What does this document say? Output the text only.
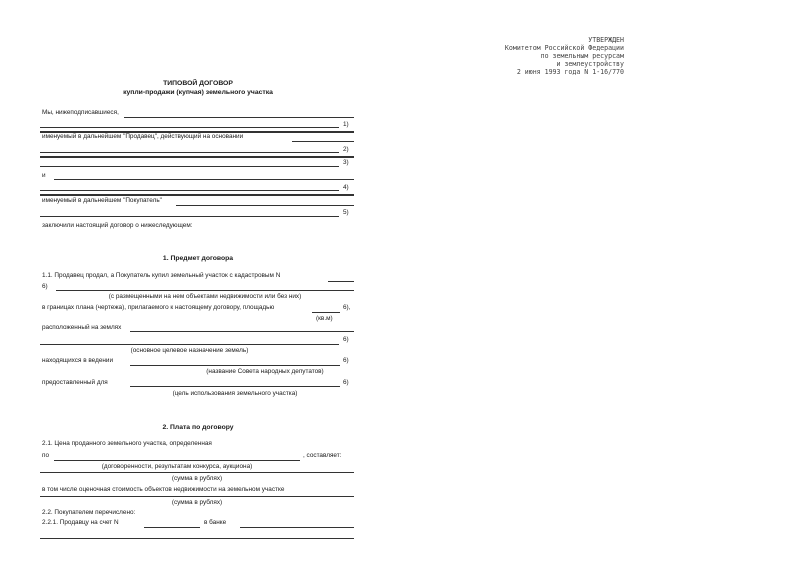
УТВЕРЖДЕН
Комитетом Российской Федерации
по земельным ресурсам
и землеустройству
2 июня 1993 года N 1-16/770
ТИПОВОЙ ДОГОВОР
купли-продажи (купчая) земельного участка
Мы, нижеподписавшиеся,
1)
именуемый в дальнейшем "Продавец", действующий на основании
2)
3)
и
4)
именуемый в дальнейшем "Покупатель"
5)
заключили настоящий договор о нижеследующем:
1. Предмет договора
1.1. Продавец продал, а Покупатель купил земельный участок с кадастровым N
6)
(с размещенными на нем объектами недвижимости или без них)
в границах плана (чертежа), прилагаемого к настоящему договору, площадью	6),
(кв.м)
расположенный на землях
6)
(основное целевое назначение земель)
находящихся в ведении	6)
(название Совета народных депутатов)
предоставленный для	6)
(цель использования земельного участка)
2. Плата по договору
2.1. Цена проданного земельного участка, определенная
по	, составляет:
(договоренности, результатам конкурса, аукциона)
(сумма в рублях)
в том числе оценочная стоимость объектов недвижимости на земельном участке
(сумма в рублях)
2.2. Покупателем перечислено:
2.2.1. Продавцу на счет N	в банке
